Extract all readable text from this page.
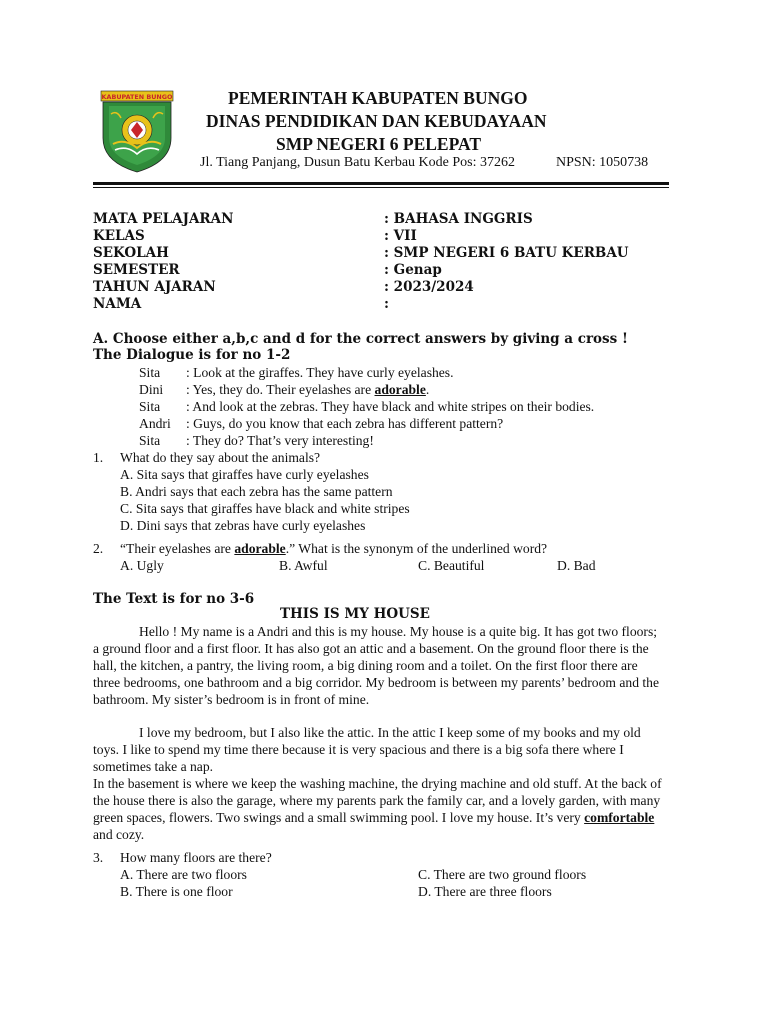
KABUPATEN BUNGO	PEMERINTAH KABUPATEN BUNGO
DINAS PENDIDIKAN DAN KEBUDAYAAN
SMP NEGERI 6 PELEPAT
Jl. Tiang Panjang, Dusun Batu Kerbau Kode Pos: 37262	NPSN: 1050738
MATA PELAJARAN	: BAHASA INGGRIS
KELAS	: VII
SEKOLAH	: SMP NEGERI 6 BATU KERBAU
SEMESTER	: Genap
TAHUN AJARAN	: 2023/2024
NAMA	:
A. Choose either a,b,c and d for the correct answers by giving a cross !
The Dialogue is for no 1-2
Sita : Look at the giraffes. They have curly eyelashes.
Dini : Yes, they do. Their eyelashes are adorable.
Sita : And look at the zebras. They have black and white stripes on their bodies.
Andri : Guys, do you know that each zebra has different pattern?
Sita : They do? That’s very interesting!
1. What do they say about the animals?
A. Sita says that giraffes have curly eyelashes
B. Andri says that each zebra has the same pattern
C. Sita says that giraffes have black and white stripes
D. Dini says that zebras have curly eyelashes
2. “Their eyelashes are adorable.” What is the synonym of the underlined word?
A. Ugly	B. Awful	C. Beautiful	D. Bad
The Text is for no 3-6
THIS IS MY HOUSE
Hello ! My name is a Andri and this is my house. My house is a quite big. It has got two floors; a ground floor and a first floor. It has also got an attic and a basement. On the ground floor there is the hall, the kitchen, a pantry, the living room, a big dining room and a toilet. On the first floor there are three bedrooms, one bathroom and a big corridor. My bedroom is between my parents’ bedroom and the bathroom. My sister’s bedroom is in front of mine.
I love my bedroom, but I also like the attic. In the attic I keep some of my books and my old toys. I like to spend my time there because it is very spacious and there is a big sofa there where I sometimes take a nap.
In the basement is where we keep the washing machine, the drying machine and old stuff. At the back of the house there is also the garage, where my parents park the family car, and a lovely garden, with many green spaces, flowers. Two swings and a small swimming pool. I love my house. It’s very comfortable and cozy.
3. How many floors are there?
A. There are two floors	C. There are two ground floors
B. There is one floor	D. There are three floors
